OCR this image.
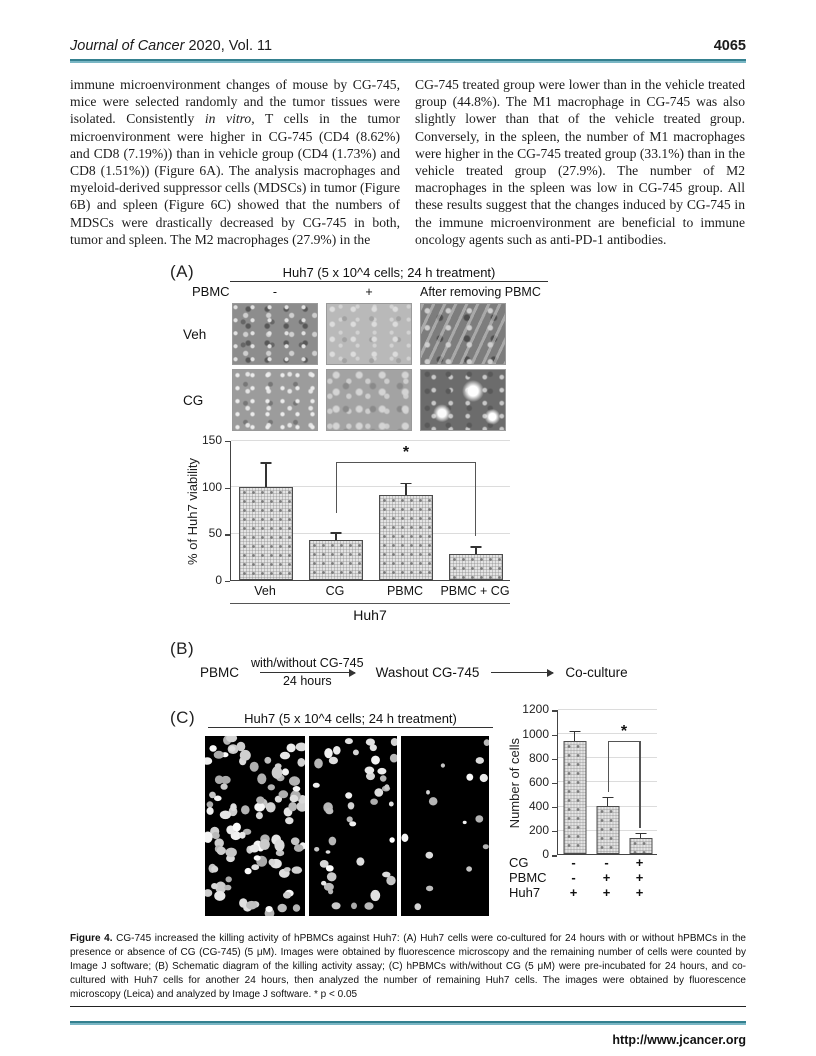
Journal of Cancer 2020, Vol. 11	4065

immune microenvironment changes of mouse by CG-745, mice were selected randomly and the tumor tissues were isolated. Consistently in vitro, T cells in the tumor microenvironment were higher in CG-745 (CD4 (8.62%) and CD8 (7.19%)) than in vehicle group (CD4 (1.73%) and CD8 (1.51%)) (Figure 6A). The analysis macrophages and myeloid-derived suppressor cells (MDSCs) in tumor (Figure 6B) and spleen (Figure 6C) showed that the numbers of MDSCs were drastically decreased by CG-745 in both, tumor and spleen. The M2 macrophages (27.9%) in the

CG-745 treated group were lower than in the vehicle treated group (44.8%). The M1 macrophage in CG-745 was also slightly lower than that of the vehicle treated group. Conversely, in the spleen, the number of M1 macrophages were higher in the CG-745 treated group (33.1%) than in the vehicle treated group (27.9%). The number of M2 macrophages in the spleen was low in CG-745 group. All these results suggest that the changes induced by CG-745 in the immune microenvironment are beneficial to immune oncology agents such as anti-PD-1 antibodies.

(A)	Huh7 (5 x 10^4 cells; 24 h treatment)
PBMC	-	+	After removing PBMC
Veh
CG
% of Huh7 viability
0
50
100
150
*
Veh	CG	PBMC	PBMC + CG
Huh7
(B)
PBMC
with/without CG-745
24 hours
Washout CG-745

	Co-culture
(C)	Huh7 (5 x 10^4 cells; 24 h treatment)
Number of cells
0
200
400
600
800
1000
1200
*
CG	-	-	+
PBMC	-	+	+
Huh7	+	+	+
Figure 4. CG-745 increased the killing activity of hPBMCs against Huh7: (A) Huh7 cells were co-cultured for 24 hours with or without hPBMCs in the presence or absence of CG (CG-745) (5 μM). Images were obtained by fluorescence microscopy and the remaining number of cells were counted by Image J software; (B) Schematic diagram of the killing activity assay; (C) hPBMCs with/without CG (5 μM) were pre-incubated for 24 hours, and co-cultured with Huh7 cells for another 24 hours, then analyzed the number of remaining Huh7 cells. The images were obtained by fluorescence microscopy (Leica) and analyzed by Image J software. * p < 0.05
http://www.jcancer.org
